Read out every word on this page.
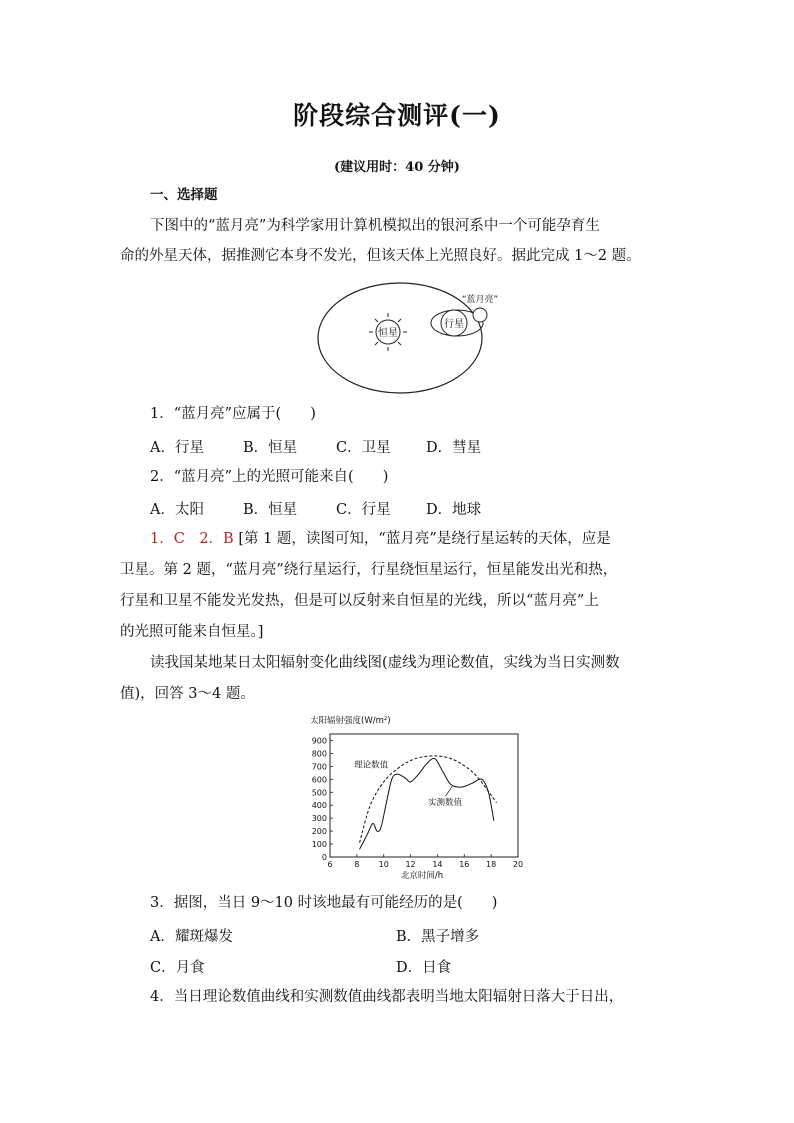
阶段综合测评(一)
(建议用时：40 分钟)
一、选择题
下图中的“蓝月亮”为科学家用计算机模拟出的银河系中一个可能孕育生
命的外星天体，据推测它本身不发光，但该天体上光照良好。据此完成 1～2 题。
恒星
行星
“蓝月亮”
1．“蓝月亮”应属于(　　)
A．行星	B．恒星	C．卫星 D．彗星
2．“蓝月亮”上的光照可能来自(　　)
A．太阳	B．恒星	C．行星 D．地球
1．C　2．B [第 1 题，读图可知，“蓝月亮”是绕行星运转的天体，应是
卫星。第 2 题，“蓝月亮”绕行星运行，行星绕恒星运行，恒星能发出光和热，
行星和卫星不能发光发热，但是可以反射来自恒星的光线，所以“蓝月亮”上
的光照可能来自恒星。]
读我国某地某日太阳辐射变化曲线图(虚线为理论数值，实线为当日实测数
值)，回答 3～4 题。
0
100
200
300
400
500
600
700
800
900
6	8 10 12 14 16 18 20
太阳辐射强度(W/m²)
北京时间/h
理论数值
实测数值
3．据图，当日 9～10 时该地最有可能经历的是(　　)
A．耀斑爆发	B．黑子增多
C．月食	D．日食
4．当日理论数值曲线和实测数值曲线都表明当地太阳辐射日落大于日出，
